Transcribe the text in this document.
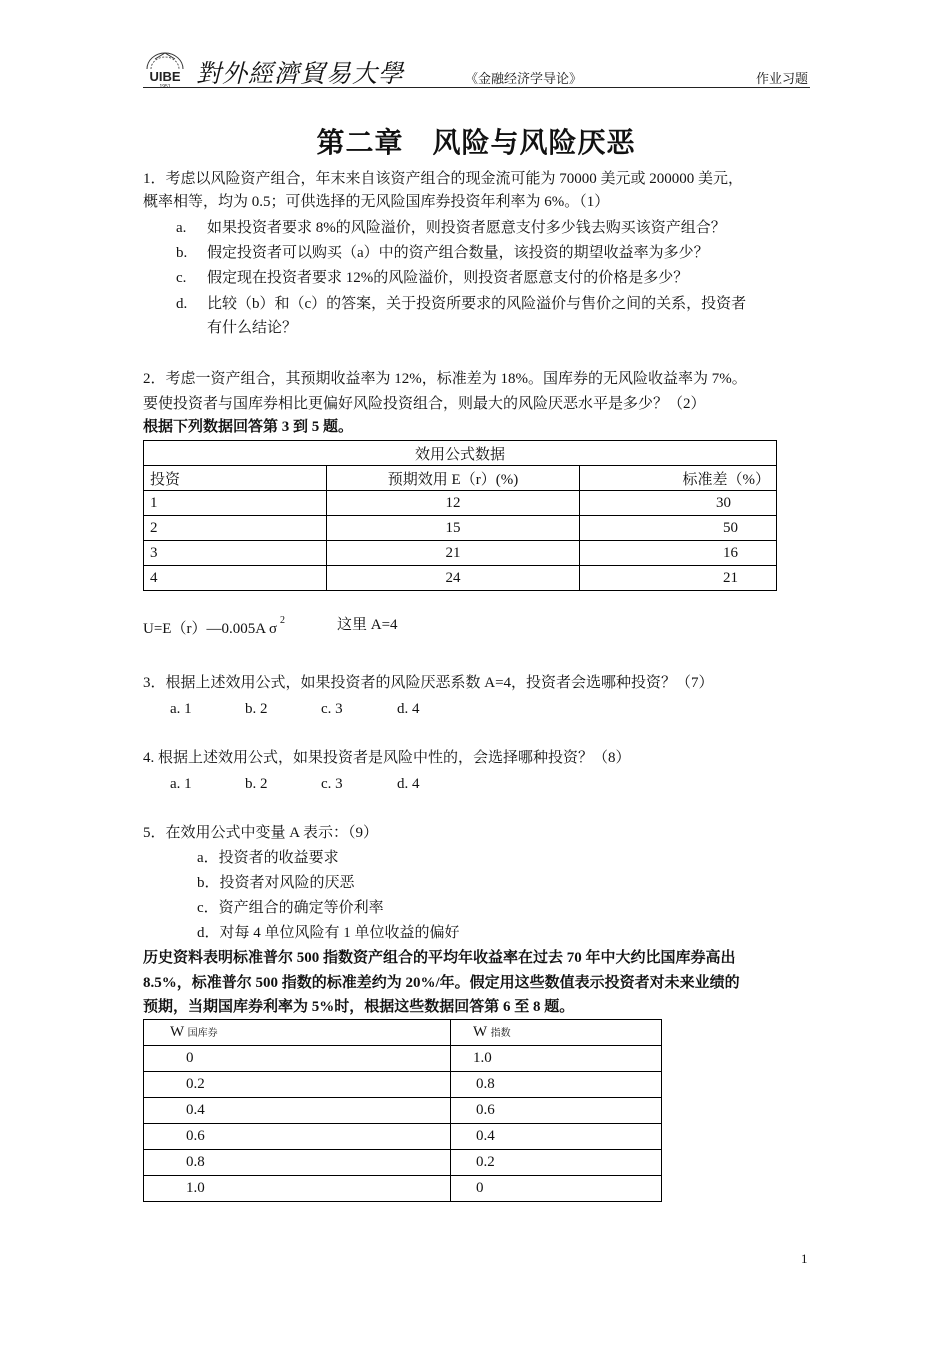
UIBE
1951 對外經濟貿易大學	《金融经济学导论》	作业习题
第二章　风险与风险厌恶
1．考虑以风险资产组合，年末来自该资产组合的现金流可能为 70000 美元或 200000 美元，
概率相等，均为 0.5；可供选择的无风险国库券投资年利率为 6%。（1）
a. 如果投资者要求 8%的风险溢价，则投资者愿意支付多少钱去购买该资产组合？
b. 假定投资者可以购买（a）中的资产组合数量，该投资的期望收益率为多少？
c. 假定现在投资者要求 12%的风险溢价，则投资者愿意支付的价格是多少？
d. 比较（b）和（c）的答案，关于投资所要求的风险溢价与售价之间的关系，投资者
有什么结论？
2．考虑一资产组合，其预期收益率为 12%，标准差为 18%。国库券的无风险收益率为 7%。
要使投资者与国库券相比更偏好风险投资组合，则最大的风险厌恶水平是多少？（2）
根据下列数据回答第 3 到 5 题。
效用公式数据		
投资	预期效用 E（r）(%)	标准差（%）
1	12	30
2	15	50
3	21	16
4	24	21
U=E（r）—0.005A $\sigma^2$	这里 A=4
3．根据上述效用公式，如果投资者的风险厌恶系数 A=4，投资者会选哪种投资？（7）
a. 1	b. 2	c. 3	d. 4
4. 根据上述效用公式，如果投资者是风险中性的，会选择哪种投资？（8）
a. 1	b. 2	c. 3	d. 4
5．在效用公式中变量 A 表示：（9）
a．投资者的收益要求
b．投资者对风险的厌恶
c．资产组合的确定等价利率
d．对每 4 单位风险有 1 单位收益的偏好
历史资料表明标准普尔 500 指数资产组合的平均年收益率在过去 70 年中大约比国库券高出
8.5%，标准普尔 500 指数的标准差约为 20%/年。假定用这些数值表示投资者对未来业绩的
预期，当期国库券利率为 5%时，根据这些数据回答第 6 至 8 题。
W 国库券	W 指数
0	1.0
0.2	0.8
0.4	0.6
0.6	0.4
0.8	0.2
1.0	0
1
